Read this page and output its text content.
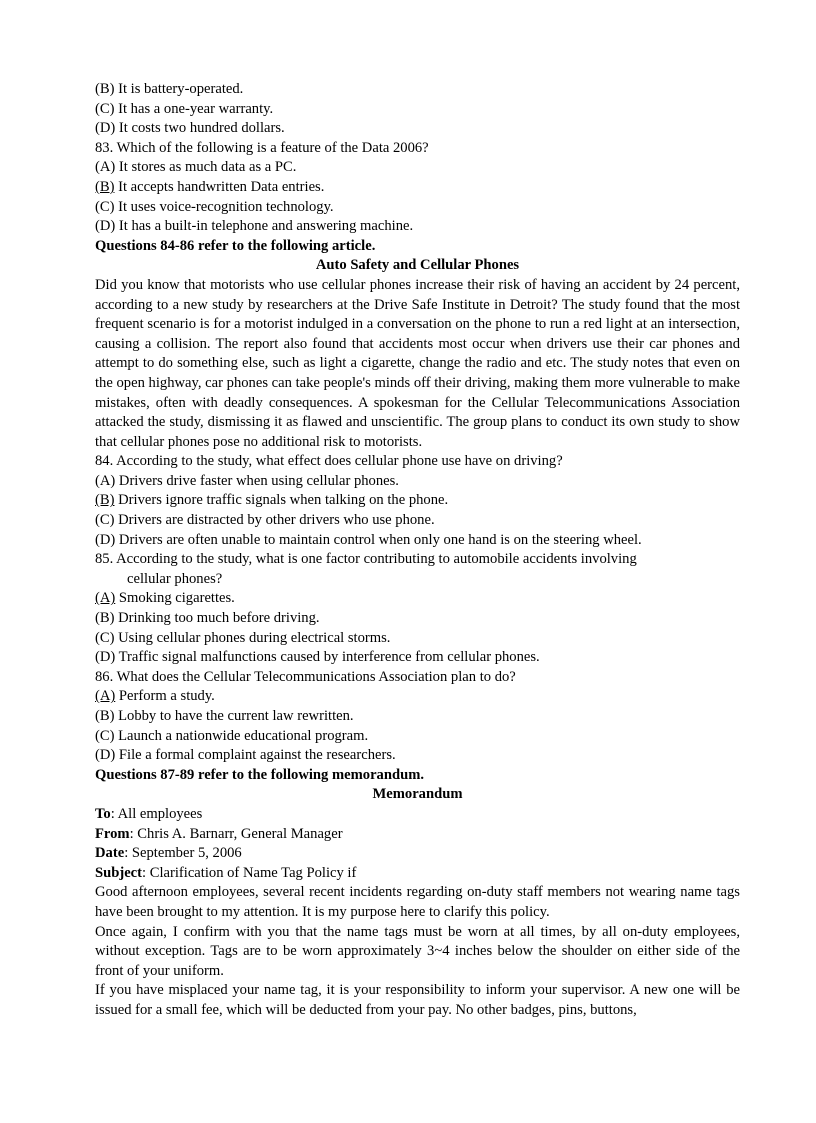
(B) It is battery-operated.
(C) It has a one-year warranty.
(D) It costs two hundred dollars.
83. Which of the following is a feature of the Data 2006?
(A) It stores as much data as a PC.
(B) It accepts handwritten Data entries.
(C) It uses voice-recognition technology.
(D) It has a built-in telephone and answering machine.
Questions 84-86 refer to the following article.
Auto Safety and Cellular Phones

Did you know that motorists who use cellular phones increase their risk of having an accident by 24 percent, according to a new study by researchers at the Drive Safe Institute in Detroit? The study found that the most frequent scenario is for a motorist indulged in a conversation on the phone to run a red light at an intersection, causing a collision. The report also found that accidents most occur when drivers use their car phones and attempt to do something else, such as light a cigarette, change the radio and etc. The study notes that even on the open highway, car phones can take people's minds off their driving, making them more vulnerable to make mistakes, often with deadly consequences. A spokesman for the Cellular Telecommunications Association attacked the study, dismissing it as flawed and unscientific. The group plans to conduct its own study to show that cellular phones pose no additional risk to motorists.

84. According to the study, what effect does cellular phone use have on driving?
(A) Drivers drive faster when using cellular phones.
(B) Drivers ignore traffic signals when talking on the phone.
(C) Drivers are distracted by other drivers who use phone.
(D) Drivers are often unable to maintain control when only one hand is on the steering wheel.
85. According to the study, what is one factor contributing to automobile accidents involving
cellular phones?
(A) Smoking cigarettes.
(B) Drinking too much before driving.
(C) Using cellular phones during electrical storms.
(D) Traffic signal malfunctions caused by interference from cellular phones.
86. What does the Cellular Telecommunications Association plan to do?
(A) Perform a study.
(B) Lobby to have the current law rewritten.
(C) Launch a nationwide educational program.
(D) File a formal complaint against the researchers.
Questions 87-89 refer to the following memorandum.
Memorandum
To: All employees
From: Chris A. Barnarr, General Manager
Date: September 5, 2006
Subject: Clarification of Name Tag Policy if

Good afternoon employees, several recent incidents regarding on-duty staff members not wearing name tags have been brought to my attention. It is my purpose here to clarify this policy.

Once again, I confirm with you that the name tags must be worn at all times, by all on-duty employees, without exception. Tags are to be worn approximately 3~4 inches below the shoulder on either side of the front of your uniform.

If you have misplaced your name tag, it is your responsibility to inform your supervisor. A new one will be issued for a small fee, which will be deducted from your pay. No other badges, pins, buttons,
